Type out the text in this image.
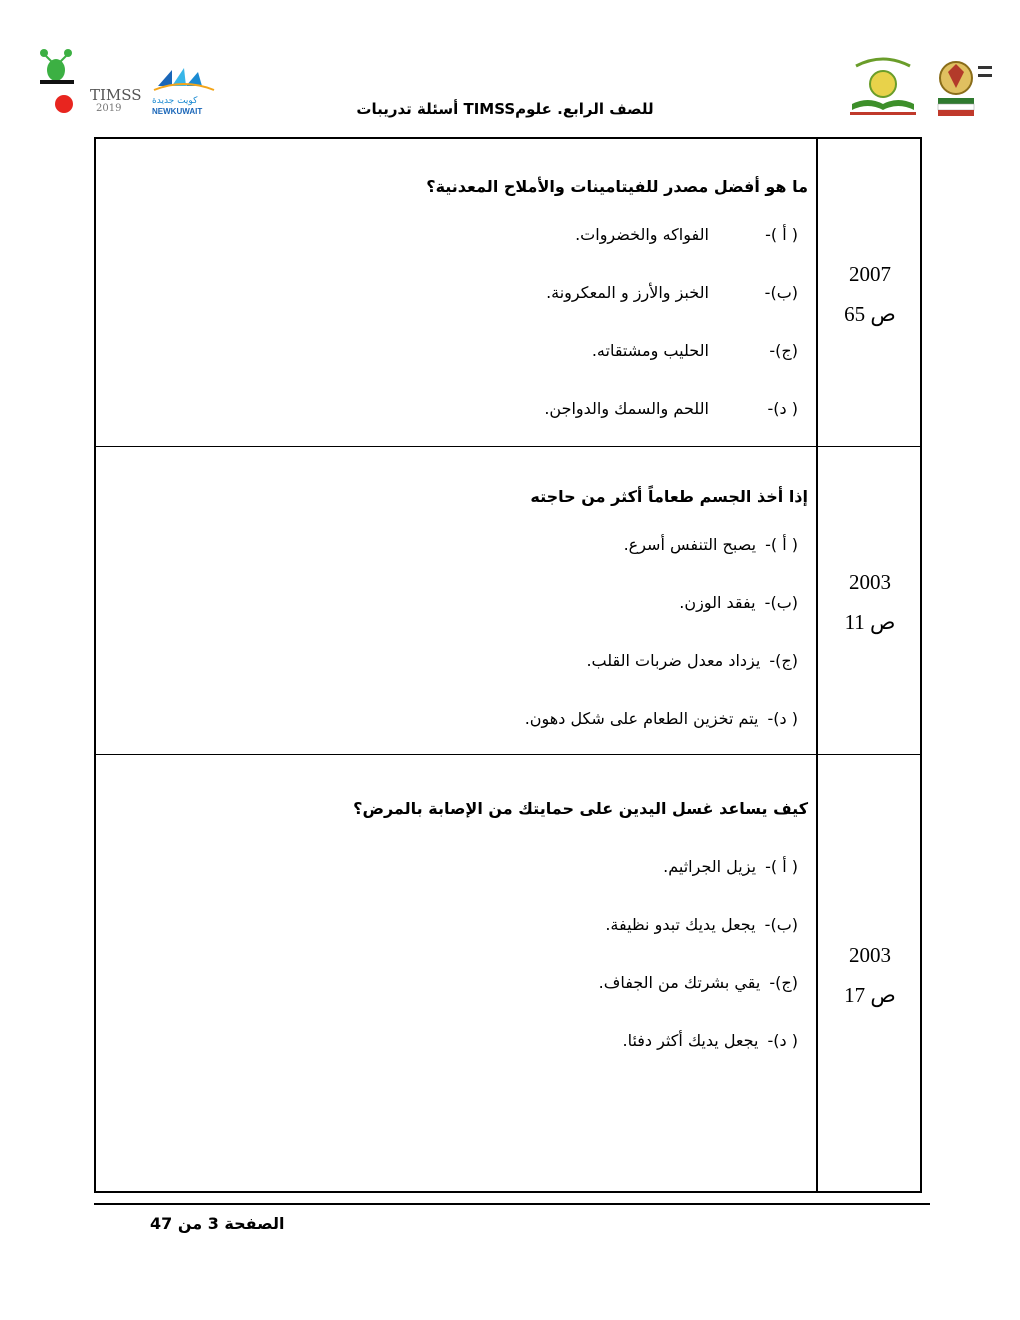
TIMSS
2019
كويت جديدة
NEWKUWAIT	أسئلة تدريبات TIMSSللصف الرابع. علوم
2007
ص 65
ما هو أفضل مصدر للفيتامينات والأملاح المعدنية؟
( أ )- الفواكه والخضروات.
(ب)- الخبز والأرز و المعكرونة.
(ج)- الحليب ومشتقاته.
( د)- اللحم والسمك والدواجن.
2003
ص 11
إذا أخذ الجسم طعاماً أكثر من حاجته
( أ )- يصبح التنفس أسرع.
(ب)- يفقد الوزن.
(ج)- يزداد معدل ضربات القلب.
( د)- يتم تخزين الطعام على شكل دهون.
2003
ص 17
كيف يساعد غسل اليدين على حمايتك من الإصابة بالمرض؟
( أ )- يزيل الجراثيم.
(ب)- يجعل يديك تبدو نظيفة.
(ج)- يقي بشرتك من الجفاف.
( د)- يجعل يديك أكثر دفئا.
الصفحة 3 من 47
